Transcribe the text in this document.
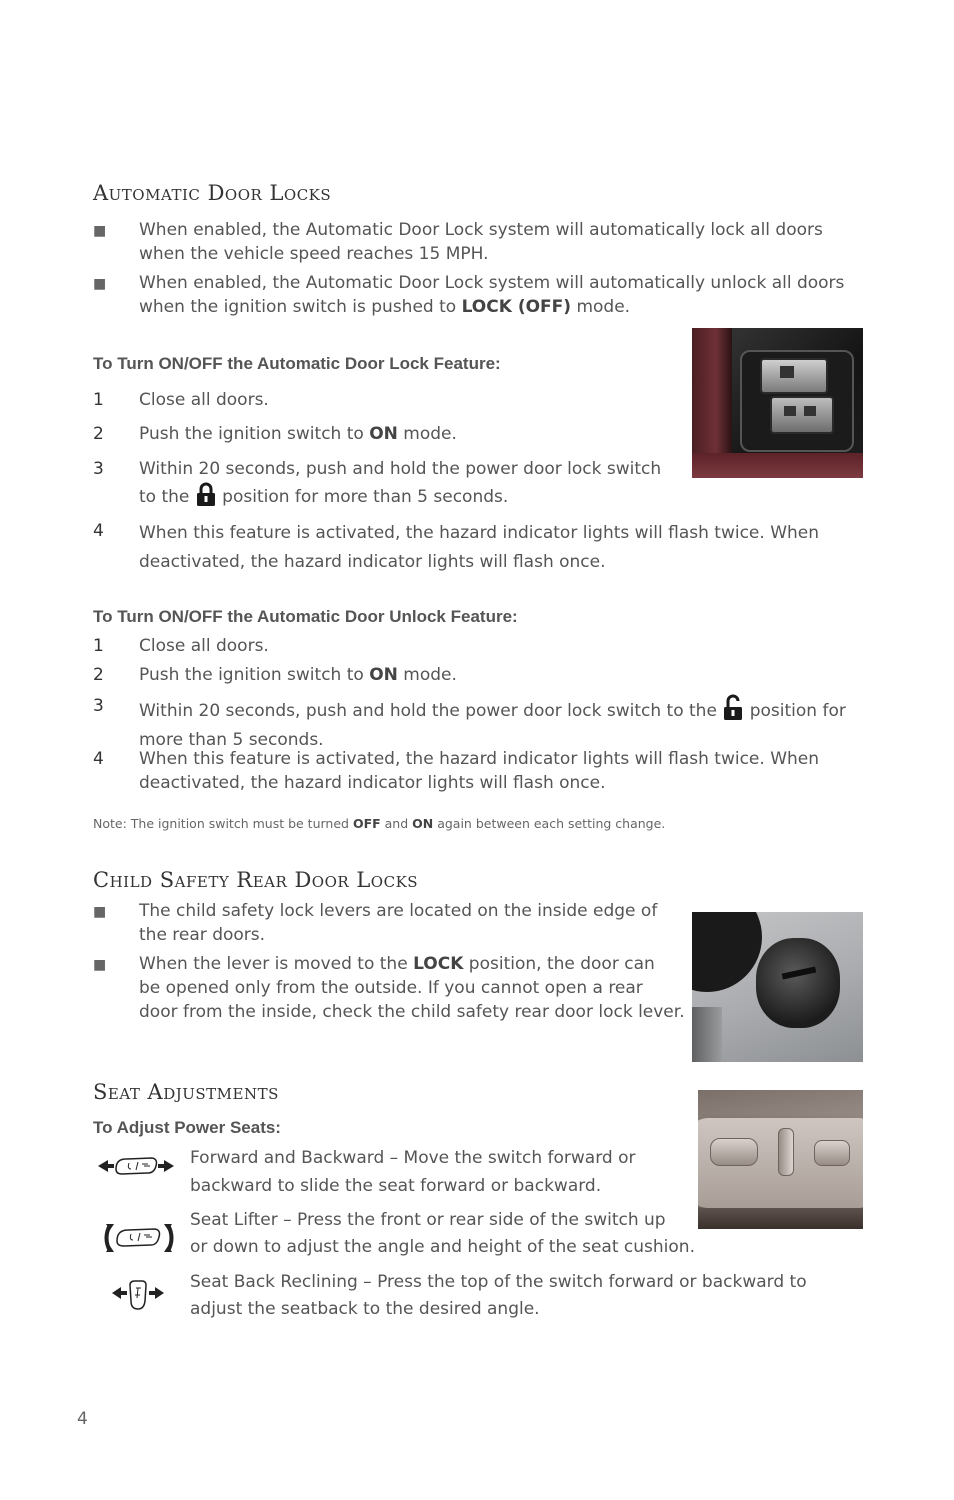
Automatic Door Locks
■ When enabled, the Automatic Door Lock system will automatically lock all doors
when the vehicle speed reaches 15 MPH.
■ When enabled, the Automatic Door Lock system will automatically unlock all doors
when the ignition switch is pushed to LOCK (OFF) mode.
To Turn ON/OFF the Automatic Door Lock Feature:
1 Close all doors.
2 Push the ignition switch to ON mode.
3 Within 20 seconds, push and hold the power door lock switch
to the  position for more than 5 seconds.
4 When this feature is activated, the hazard indicator lights will flash twice. When
deactivated, the hazard indicator lights will flash once.
To Turn ON/OFF the Automatic Door Unlock Feature:
1 Close all doors.
2 Push the ignition switch to ON mode.
3 Within 20 seconds, push and hold the power door lock switch to the  position for
more than 5 seconds.
4 When this feature is activated, the hazard indicator lights will flash twice. When
deactivated, the hazard indicator lights will flash once.
Note: The ignition switch must be turned OFF and ON again between each setting change.
Child Safety Rear Door Locks
■ The child safety lock levers are located on the inside edge of
the rear doors.
■ When the lever is moved to the LOCK position, the door can
be opened only from the outside. If you cannot open a rear
door from the inside, check the child safety rear door lock lever.
Seat Adjustments
To Adjust Power Seats:
Forward and Backward – Move the switch forward or
backward to slide the seat forward or backward.
Seat Lifter – Press the front or rear side of the switch up
or down to adjust the angle and height of the seat cushion.
Seat Back Reclining – Press the top of the switch forward or backward to
adjust the seatback to the desired angle.
4
